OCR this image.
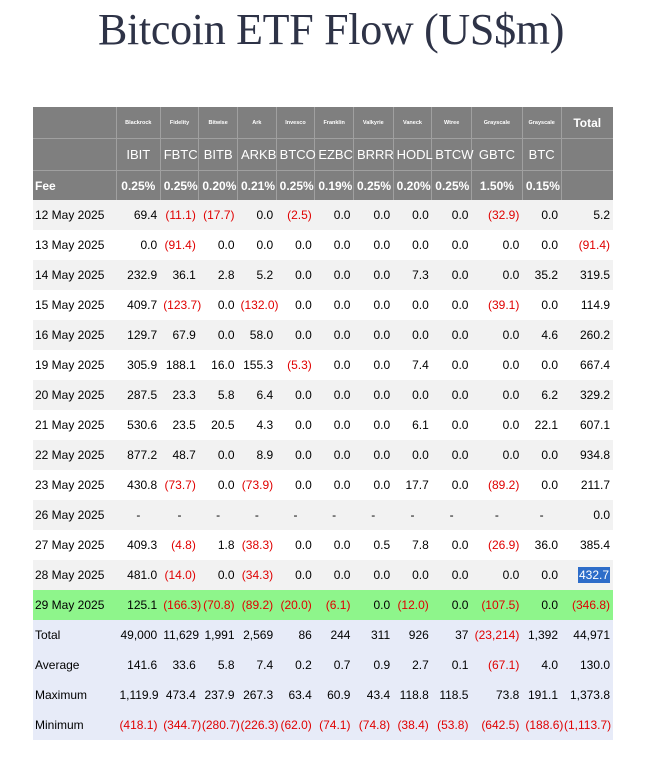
Bitcoin ETF Flow (US$m)
	Blackrock	Fidelity	Bitwise	Ark	Invesco	Franklin	Valkyrie	Vaneck	Wtree	Grayscale	Grayscale	Total
	IBIT	FBTC	BITB	ARKB	BTCO	EZBC	BRRR	HODL	BTCW	GBTC	BTC	
Fee	0.25%	0.25%	0.20%	0.21%	0.25%	0.19%	0.25%	0.20%	0.25%	1.50%	0.15%	
12 May 2025	69.4	(11.1)	(17.7)	0.0	(2.5)	0.0	0.0	0.0	0.0	(32.9)	0.0	5.2
13 May 2025	0.0	(91.4)	0.0	0.0	0.0	0.0	0.0	0.0	0.0	0.0	0.0	(91.4)
14 May 2025	232.9	36.1	2.8	5.2	0.0	0.0	0.0	7.3	0.0	0.0	35.2	319.5
15 May 2025	409.7	(123.7)	0.0	(132.0)	0.0	0.0	0.0	0.0	0.0	(39.1)	0.0	114.9
16 May 2025	129.7	67.9	0.0	58.0	0.0	0.0	0.0	0.0	0.0	0.0	4.6	260.2
19 May 2025	305.9	188.1	16.0	155.3	(5.3)	0.0	0.0	7.4	0.0	0.0	0.0	667.4
20 May 2025	287.5	23.3	5.8	6.4	0.0	0.0	0.0	0.0	0.0	0.0	6.2	329.2
21 May 2025	530.6	23.5	20.5	4.3	0.0	0.0	0.0	6.1	0.0	0.0	22.1	607.1
22 May 2025	877.2	48.7	0.0	8.9	0.0	0.0	0.0	0.0	0.0	0.0	0.0	934.8
23 May 2025	430.8	(73.7)	0.0	(73.9)	0.0	0.0	0.0	17.7	0.0	(89.2)	0.0	211.7
26 May 2025	-	-	-	-	-	-	-	-	-	-	-	0.0
27 May 2025	409.3	(4.8)	1.8	(38.3)	0.0	0.0	0.5	7.8	0.0	(26.9)	36.0	385.4
28 May 2025	481.0	(14.0)	0.0	(34.3)	0.0	0.0	0.0	0.0	0.0	0.0	0.0	432.7
29 May 2025	125.1	(166.3)	(70.8)	(89.2)	(20.0)	(6.1)	0.0	(12.0)	0.0	(107.5)	0.0	(346.8)
Total	49,000	11,629	1,991	2,569	86	244	311	926	37	(23,214)	1,392	44,971
Average	141.6	33.6	5.8	7.4	0.2	0.7	0.9	2.7	0.1	(67.1)	4.0	130.0
Maximum	1,119.9	473.4	237.9	267.3	63.4	60.9	43.4	118.8	118.5	73.8	191.1	1,373.8
Minimum	(418.1)	(344.7)	(280.7)	(226.3)	(62.0)	(74.1)	(74.8)	(38.4)	(53.8)	(642.5)	(188.6)	(1,113.7)
